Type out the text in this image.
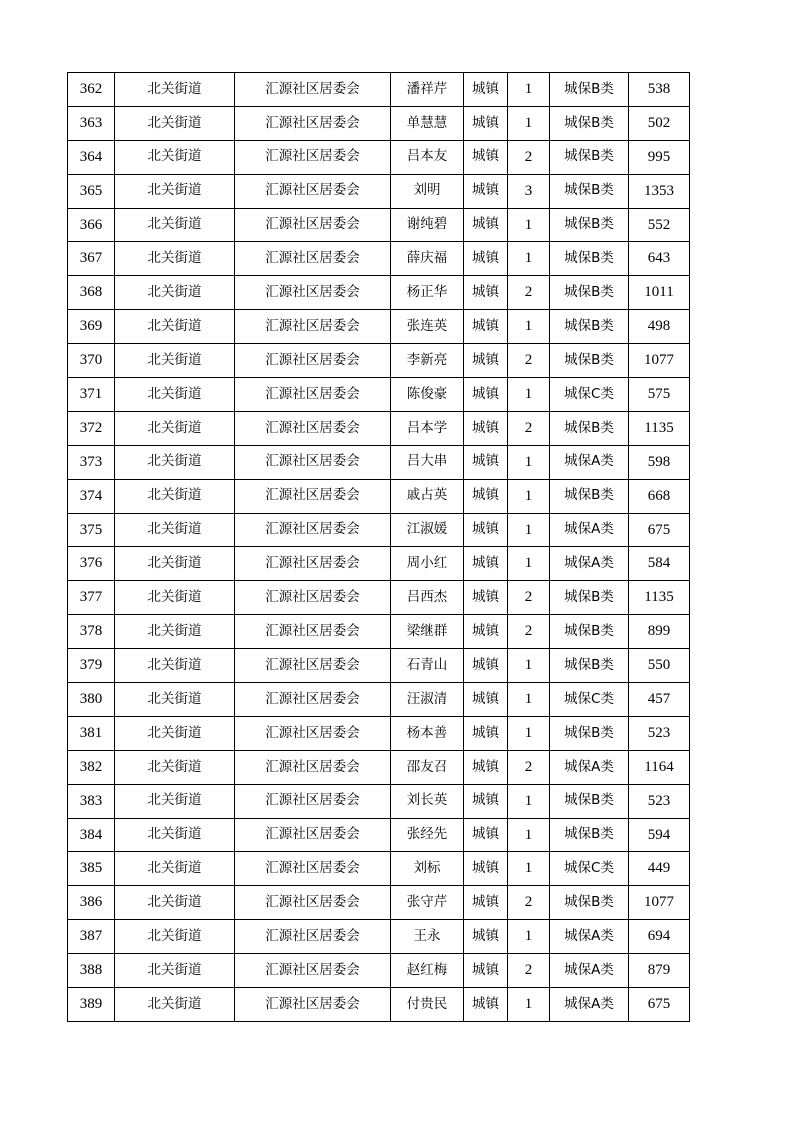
362	北关街道	汇源社区居委会	潘祥芹	城镇	1	城保B类	538
363	北关街道	汇源社区居委会	单慧慧	城镇	1	城保B类	502
364	北关街道	汇源社区居委会	吕本友	城镇	2	城保B类	995
365	北关街道	汇源社区居委会	刘明	城镇	3	城保B类	1353
366	北关街道	汇源社区居委会	谢纯碧	城镇	1	城保B类	552
367	北关街道	汇源社区居委会	薛庆福	城镇	1	城保B类	643
368	北关街道	汇源社区居委会	杨正华	城镇	2	城保B类	1011
369	北关街道	汇源社区居委会	张连英	城镇	1	城保B类	498
370	北关街道	汇源社区居委会	李新亮	城镇	2	城保B类	1077
371	北关街道	汇源社区居委会	陈俊豪	城镇	1	城保C类	575
372	北关街道	汇源社区居委会	吕本学	城镇	2	城保B类	1135
373	北关街道	汇源社区居委会	吕大串	城镇	1	城保A类	598
374	北关街道	汇源社区居委会	戚占英	城镇	1	城保B类	668
375	北关街道	汇源社区居委会	江淑媛	城镇	1	城保A类	675
376	北关街道	汇源社区居委会	周小红	城镇	1	城保A类	584
377	北关街道	汇源社区居委会	吕西杰	城镇	2	城保B类	1135
378	北关街道	汇源社区居委会	梁继群	城镇	2	城保B类	899
379	北关街道	汇源社区居委会	石青山	城镇	1	城保B类	550
380	北关街道	汇源社区居委会	汪淑清	城镇	1	城保C类	457
381	北关街道	汇源社区居委会	杨本善	城镇	1	城保B类	523
382	北关街道	汇源社区居委会	邵友召	城镇	2	城保A类	1164
383	北关街道	汇源社区居委会	刘长英	城镇	1	城保B类	523
384	北关街道	汇源社区居委会	张经先	城镇	1	城保B类	594
385	北关街道	汇源社区居委会	刘标	城镇	1	城保C类	449
386	北关街道	汇源社区居委会	张守芹	城镇	2	城保B类	1077
387	北关街道	汇源社区居委会	王永	城镇	1	城保A类	694
388	北关街道	汇源社区居委会	赵红梅	城镇	2	城保A类	879
389	北关街道	汇源社区居委会	付贵民	城镇	1	城保A类	675
